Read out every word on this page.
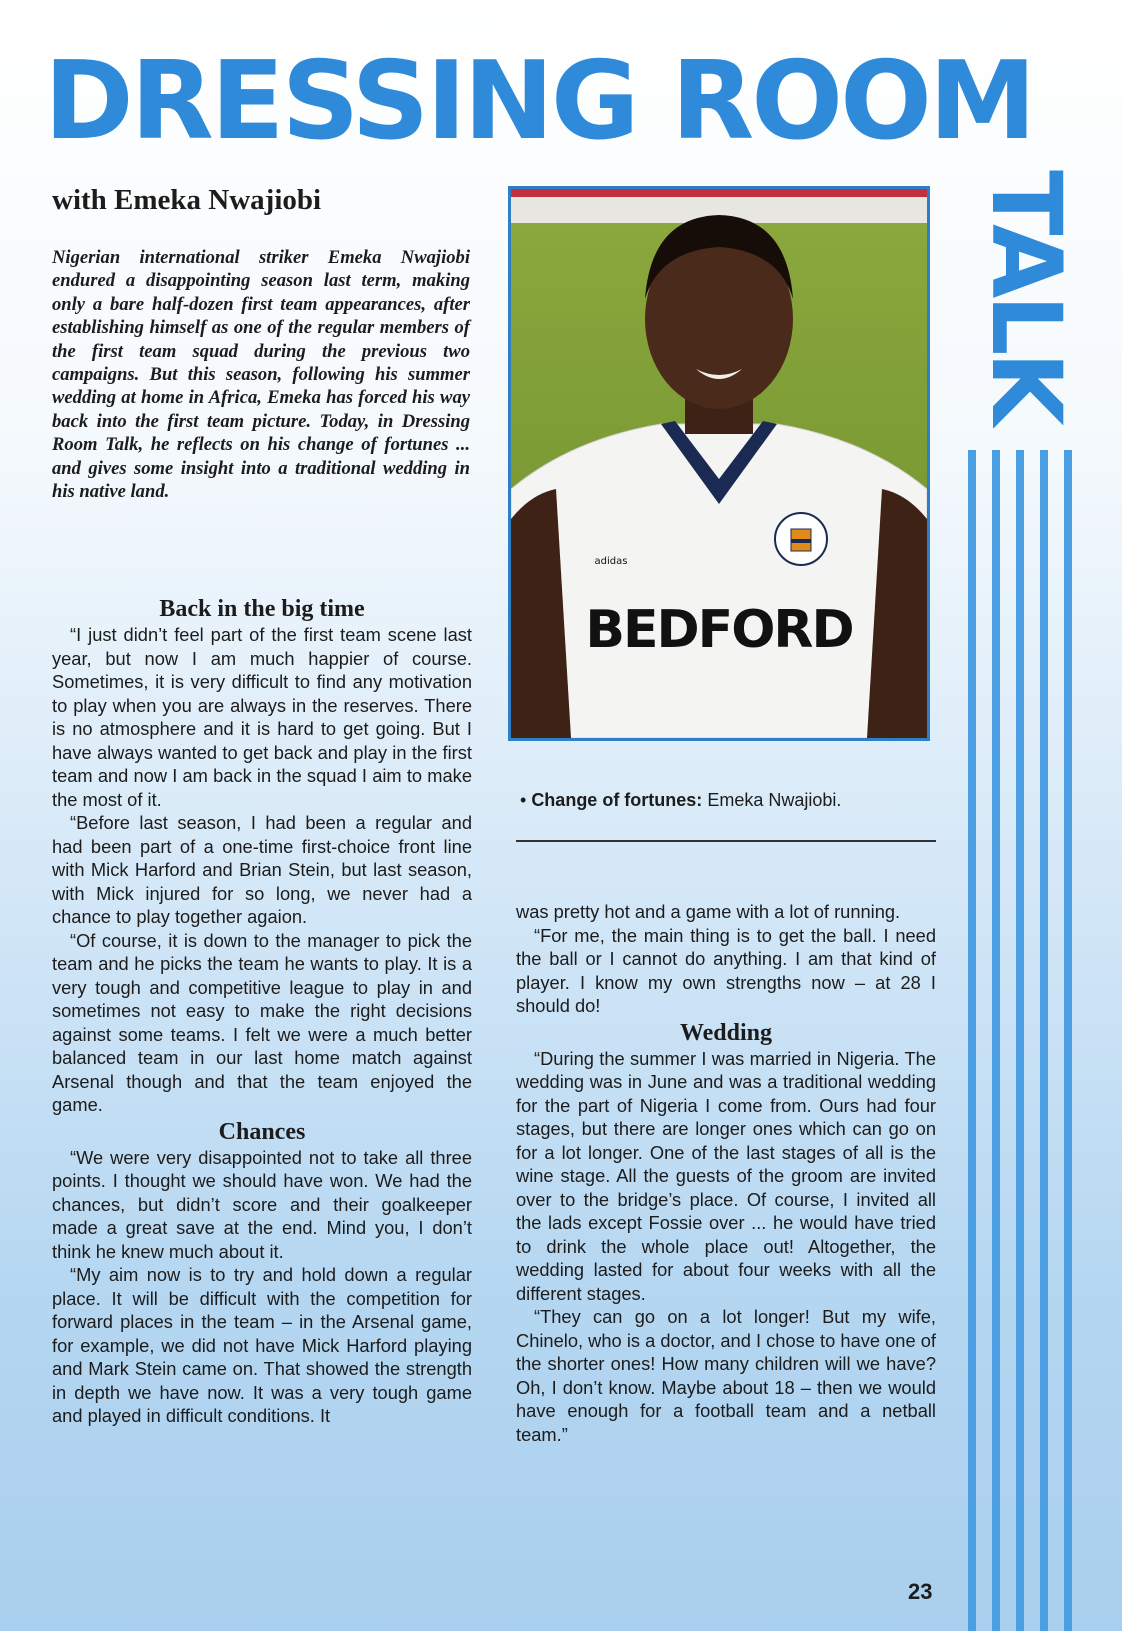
DRESSING ROOM
TALK
with Emeka Nwajiobi

Nigerian international striker Emeka Nwajiobi endured a disappointing season last term, making only a bare half-dozen first team appearances, after establishing himself as one of the regular members of the first team squad during the previous two campaigns. But this season, following his summer wedding at home in Africa, Emeka has forced his way back into the first team picture. Today, in Dressing Room Talk, he reflects on his change of fortunes ... and gives some insight into a traditional wedding in his native land.

Back in the big time

“I just didn’t feel part of the first team scene last year, but now I am much happier of course. Sometimes, it is very difficult to find any motivation to play when you are always in the reserves. There is no atmosphere and it is hard to get going. But I have always wanted to get back and play in the first team and now I am back in the squad I aim to make the most of it.

“Before last season, I had been a regular and had been part of a one-time first-choice front line with Mick Harford and Brian Stein, but last season, with Mick injured for so long, we never had a chance to play together agaion.

“Of course, it is down to the manager to pick the team and he picks the team he wants to play. It is a very tough and competitive league to play in and sometimes not easy to make the right decisions against some teams. I felt we were a much better balanced team in our last home match against Arsenal though and that the team enjoyed the game.

Chances

“We were very disappointed not to take all three points. I thought we should have won. We had the chances, but didn’t score and their goalkeeper made a great save at the end. Mind you, I don’t think he knew much about it.

“My aim now is to try and hold down a regular place. It will be difficult with the competition for forward places in the team – in the Arsenal game, for example, we did not have Mick Harford playing and Mark Stein came on. That showed the strength in depth we have now. It was a very tough game and played in difficult conditions. It

BEDFORD
adidas

• Change of fortunes: Emeka Nwajiobi.

was pretty hot and a game with a lot of running.

“For me, the main thing is to get the ball. I need the ball or I cannot do anything. I am that kind of player. I know my own strengths now – at 28 I should do!

Wedding

“During the summer I was married in Nigeria. The wedding was in June and was a traditional wedding for the part of Nigeria I come from. Ours had four stages, but there are longer ones which can go on for a lot longer. One of the last stages of all is the wine stage. All the guests of the groom are invited over to the bridge’s place. Of course, I invited all the lads except Fossie over ... he would have tried to drink the whole place out! Altogether, the wedding lasted for about four weeks with all the different stages.

“They can go on a lot longer! But my wife, Chinelo, who is a doctor, and I chose to have one of the shorter ones! How many children will we have? Oh, I don’t know. Maybe about 18 – then we would have enough for a football team and a netball team.”

23
